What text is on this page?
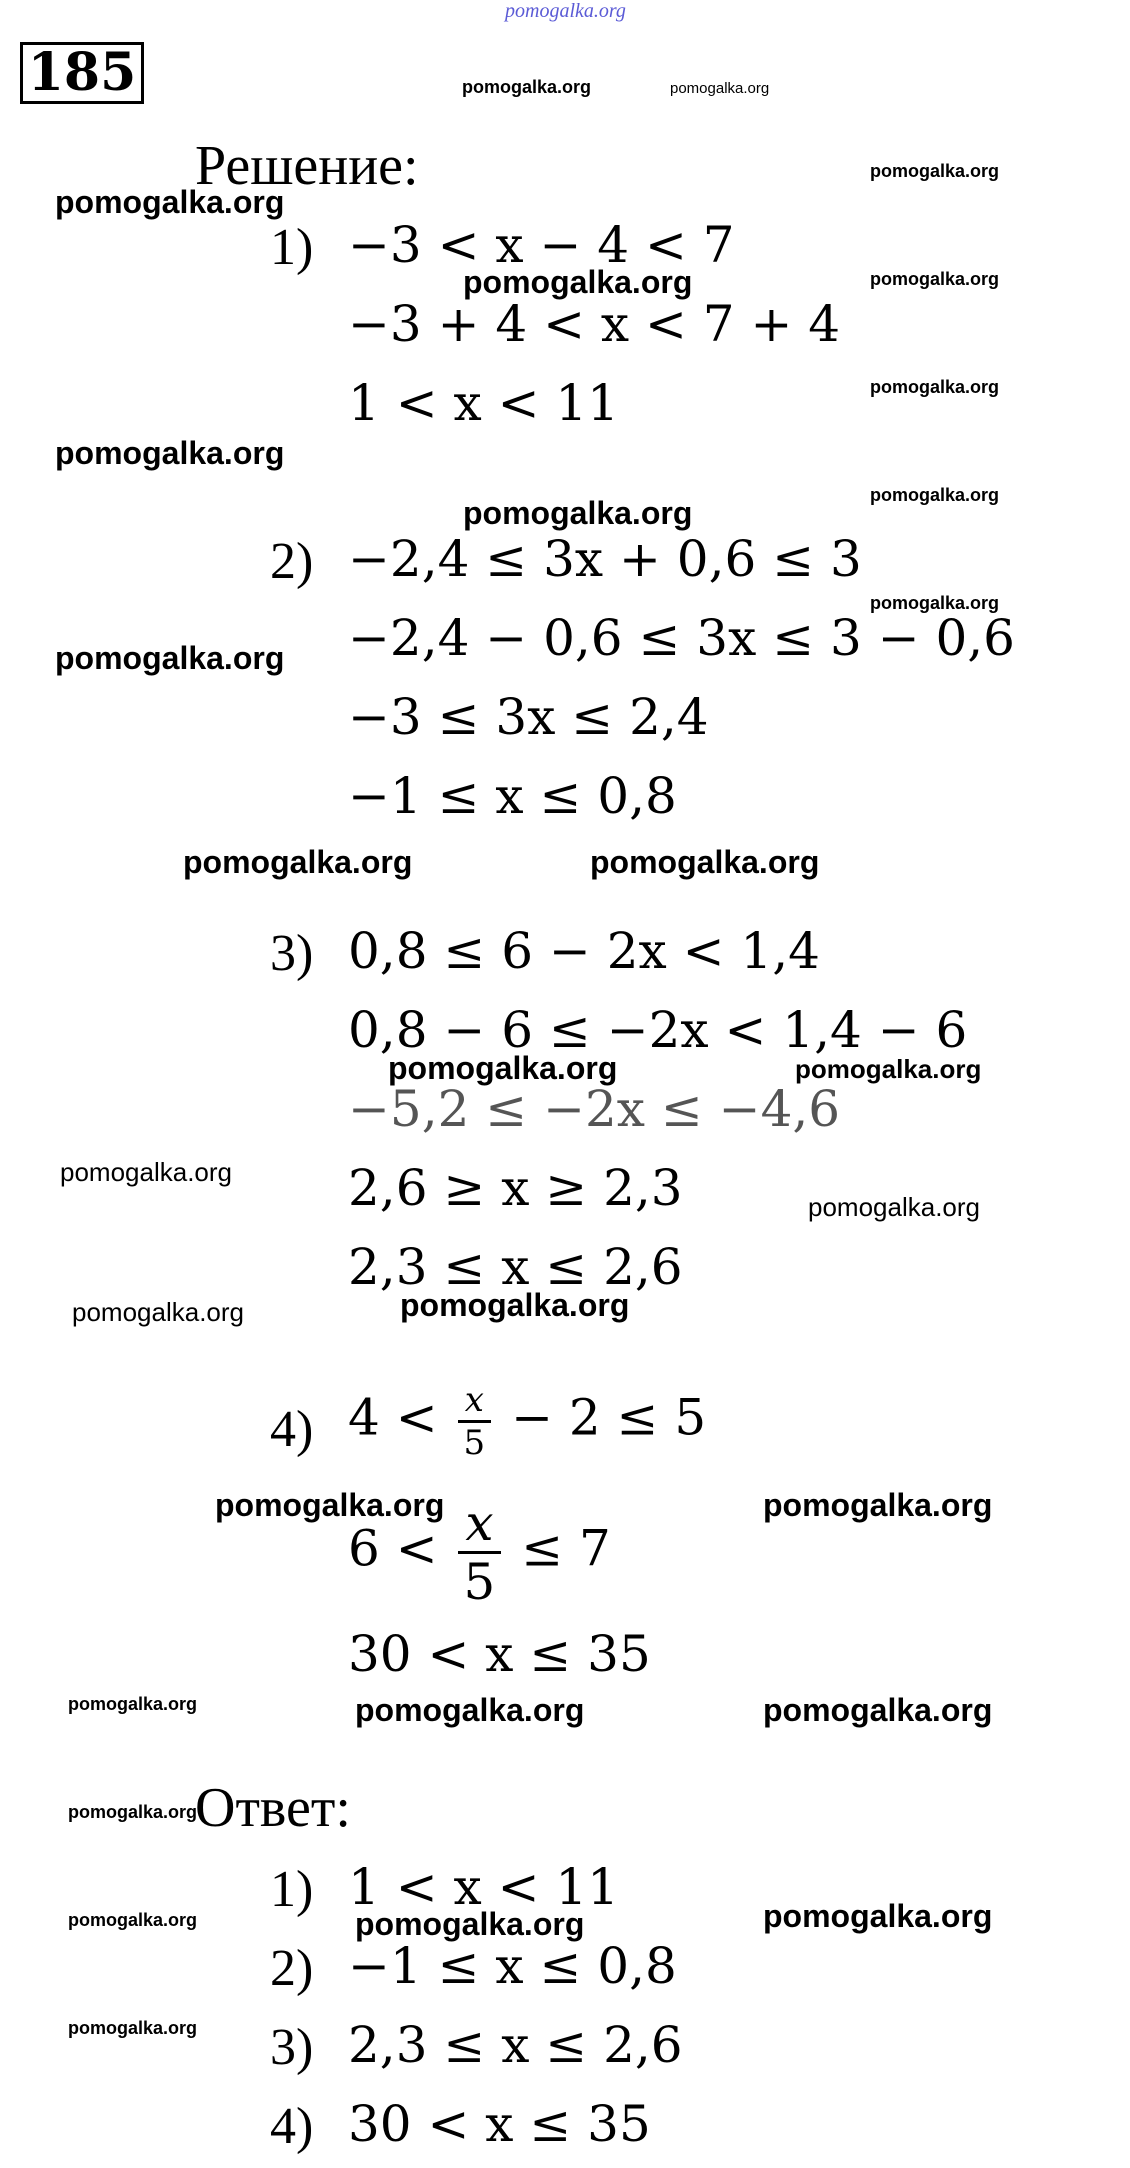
185
pomogalka.org
pomogalka.org	pomogalka.org
pomogalka.org
pomogalka.org
pomogalka.org	pomogalka.org
pomogalka.org
pomogalka.org
pomogalka.org
pomogalka.org
pomogalka.org
pomogalka.org
pomogalka.org	pomogalka.org
pomogalka.org	pomogalka.org
pomogalka.org
pomogalka.org
pomogalka.org	pomogalka.org
pomogalka.org	pomogalka.org
pomogalka.org	pomogalka.org	pomogalka.org
pomogalka.org
pomogalka.org	pomogalka.org	pomogalka.org
pomogalka.org
Решение:
1) −3 < x − 4 < 7
−3 + 4 < x < 7 + 4
1 < x < 11
2) −2,4 ≤ 3x + 0,6 ≤ 3
−2,4 − 0,6 ≤ 3x ≤ 3 − 0,6
−3 ≤ 3x ≤ 2,4
−1 ≤ x ≤ 0,8
3) 0,8 ≤ 6 − 2x < 1,4
0,8 − 6 ≤ −2x < 1,4 − 6
−5,2 ≤ −2x ≤ −4,6
2,6 ≥ x ≥ 2,3
2,3 ≤ x ≤ 2,6
4) $4 < \frac{x}{5} - 2 \le 5$
$6 < \frac{x}{5} \le 7$
30 < x ≤ 35
Ответ:
1) 1 < x < 11
2) −1 ≤ x ≤ 0,8
3) 2,3 ≤ x ≤ 2,6
4) 30 < x ≤ 35
